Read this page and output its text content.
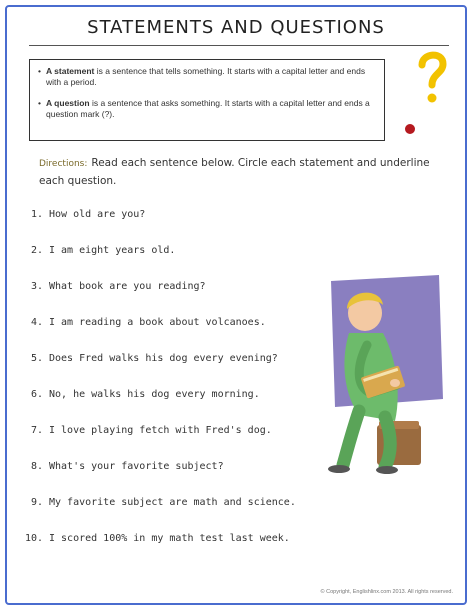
STATEMENTS AND QUESTIONS
• A statement is a sentence that tells something. It starts with a capital letter and ends with a period.
• A question is a sentence that asks something. It starts with a capital letter and ends a question mark (?).
Directions: Read each sentence below. Circle each statement and underline each question.
1. How old are you?
2. I am eight years old.
3. What book are you reading?
4. I am reading a book about volcanoes.
5. Does Fred walks his dog every evening?
6. No, he walks his dog every morning.
7. I love playing fetch with Fred's dog.
8. What's your favorite subject?
9. My favorite subject are math and science.
10. I scored 100% in my math test last week.
© Copyright, Englishlinx.com 2013. All rights reserved.
